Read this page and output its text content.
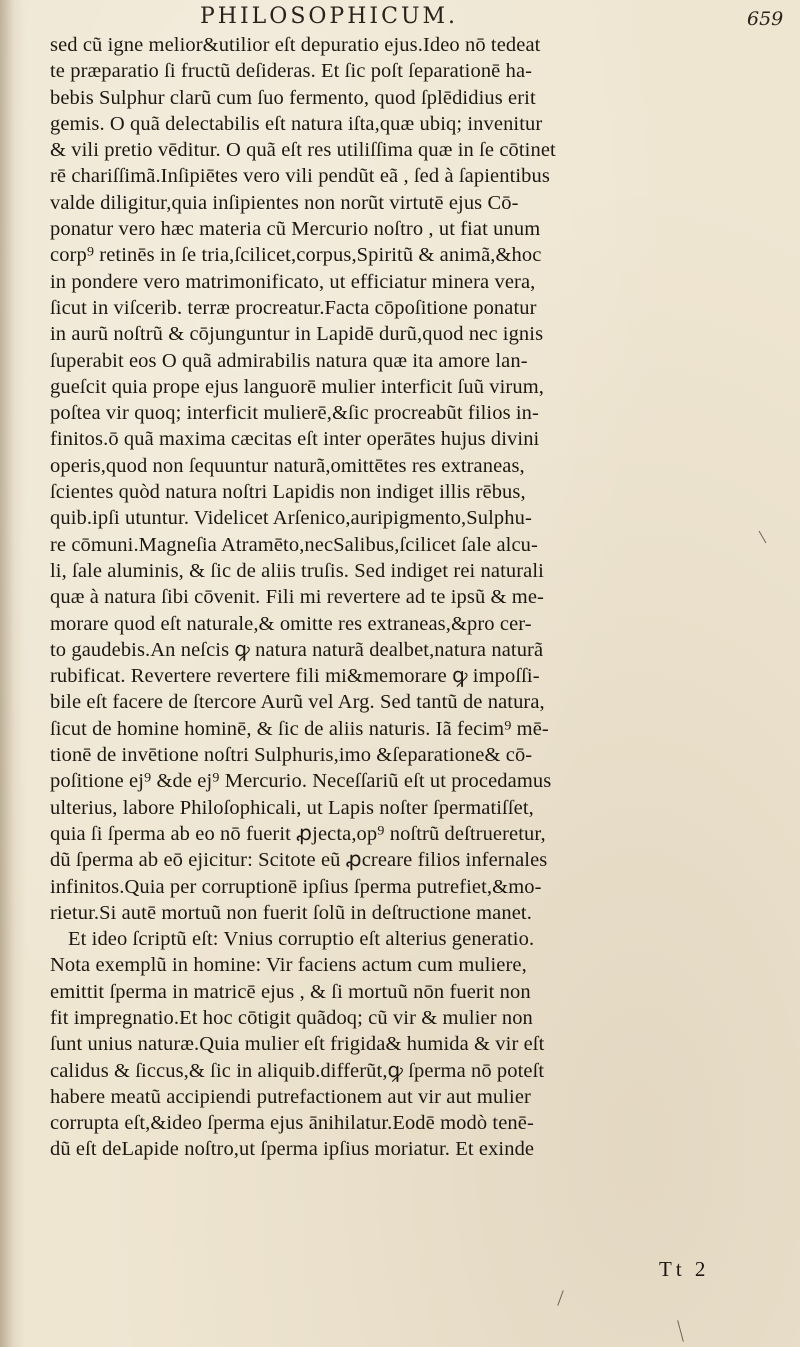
PHILOSOPHICUM.	659
sed cũ igne melior&utilior eſt depuratio ejus.Ideo nō tedeat
te præparatio ſi fructũ deſideras. Et ſic poſt ſeparationē ha-
bebis Sulphur clarũ cum ſuo fermento, quod ſplēdidius erit
gemis. O quã delectabilis eſt natura iſta,quæ ubiq; invenitur
& vili pretio vēditur. O quã eſt res utiliſſima quæ in ſe cōtinet
rē chariſſimã.Inſipiētes vero vili pendũt eã , ſed à ſapientibus
valde diligitur,quia inſipientes non norũt virtutē ejus Cō-
ponatur vero hæc materia cũ Mercurio noſtro , ut fiat unum
corp⁹ retinēs in ſe tria,ſcilicet,corpus,Spiritũ & animã,&hoc
in pondere vero matrimonificato, ut efficiatur minera vera,
ſicut in viſcerib. terræ procreatur.Facta cōpoſitione ponatur
in aurũ noſtrũ & cōjunguntur in Lapidē durũ,quod nec ignis
ſuperabit eos O quã admirabilis natura quæ ita amore lan-
gueſcit quia prope ejus languorē mulier interficit ſuũ virum,
poſtea vir quoq; interficit mulierē,&ſic procreabũt filios in-
finitos.ō quã maxima cæcitas eſt inter operātes hujus divini
operis,quod non ſequuntur naturã,omittētes res extraneas,
ſcientes quòd natura noſtri Lapidis non indiget illis rēbus,
quib.ipſi utuntur. Videlicet Arſenico,auripigmento,Sulphu-
re cōmuni.Magneſia Atramēto,necSalibus,ſcilicet ſale alcu-
li, ſale aluminis, & ſic de aliis truſis. Sed indiget rei naturali
quæ à natura ſibi cōvenit. Fili mi revertere ad te ipsũ & me-
morare quod eſt naturale,& omitte res extraneas,&pro cer-
to gaudebis.An neſcis ꝙ natura naturã dealbet,natura naturã
rubificat. Revertere revertere fili mi&memorare ꝙ impoſſi-
bile eſt facere de ſtercore Aurũ vel Arg. Sed tantũ de natura,
ſicut de homine hominē, & ſic de aliis naturis. Iã fecim⁹ mē-
tionē de invētione noſtri Sulphuris,imo &ſeparatione& cō-
poſitione ej⁹ &de ej⁹ Mercurio. Neceſſariũ eſt ut procedamus
ulterius, labore Philoſophicali, ut Lapis noſter ſpermatiſſet,
quia ſi ſperma ab eo nō fuerit ꝓjecta,op⁹ noſtrũ deſtrueretur,
dũ ſperma ab eō ejicitur: Scitote eũ ꝓcreare filios infernales
infinitos.Quia per corruptionē ipſius ſperma putrefiet,&mo-
rietur.Si autē mortuũ non fuerit ſolũ in deſtructione manet.
Et ideo ſcriptũ eſt: Vnius corruptio eſt alterius generatio.
Nota exemplũ in homine: Vir faciens actum cum muliere,
emittit ſperma in matricē ejus , & ſi mortuũ nōn fuerit non
fit impregnatio.Et hoc cōtigit quãdoq; cũ vir & mulier non
ſunt unius naturæ.Quia mulier eſt frigida& humida & vir eſt
calidus & ſiccus,& ſic in aliquib.differũt,ꝙ ſperma nō poteſt
habere meatũ accipiendi putrefactionem aut vir aut mulier
corrupta eſt,&ideo ſperma ejus ānihilatur.Eodē modò tenē-
dũ eſt deLapide noſtro,ut ſperma ipſius moriatur. Et exinde
Tt 2
